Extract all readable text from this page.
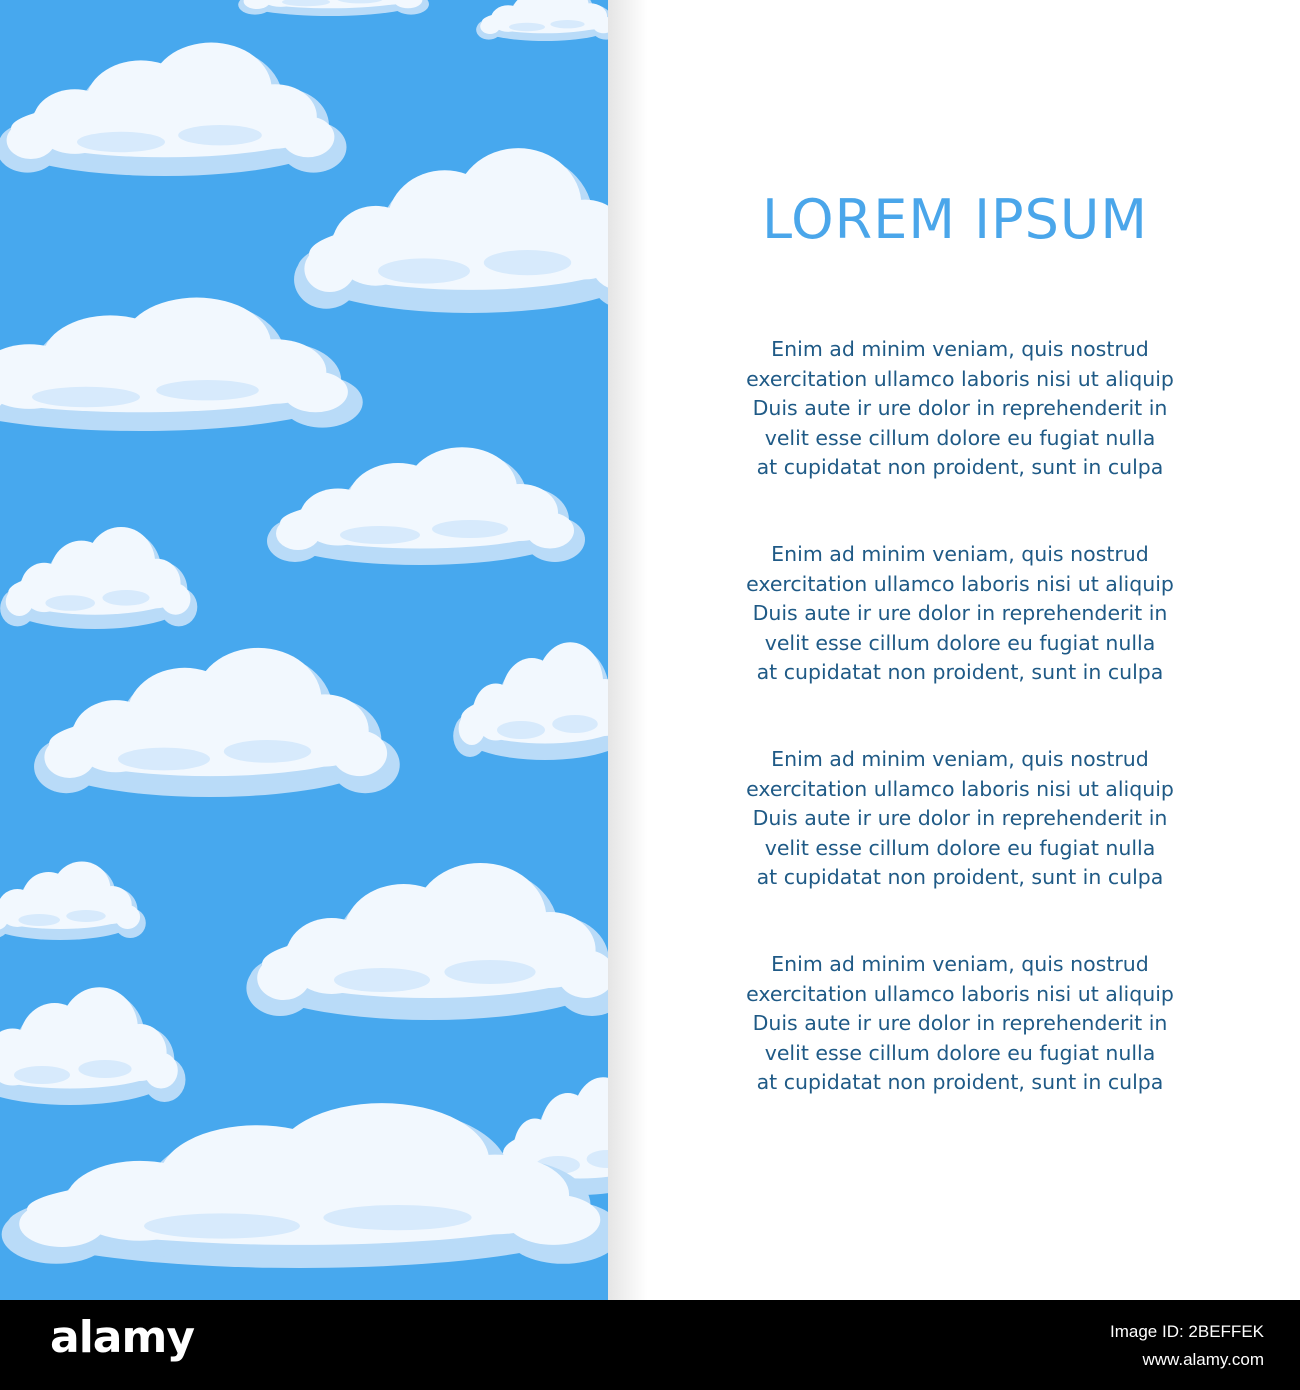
LOREM IPSUM

Enim ad minim veniam, quis nostrud
exercitation ullamco laboris nisi ut aliquip
Duis aute ir ure dolor in reprehenderit in
velit esse cillum dolore eu fugiat nulla
at cupidatat non proident, sunt in culpa

Enim ad minim veniam, quis nostrud
exercitation ullamco laboris nisi ut aliquip
Duis aute ir ure dolor in reprehenderit in
velit esse cillum dolore eu fugiat nulla
at cupidatat non proident, sunt in culpa

Enim ad minim veniam, quis nostrud
exercitation ullamco laboris nisi ut aliquip
Duis aute ir ure dolor in reprehenderit in
velit esse cillum dolore eu fugiat nulla
at cupidatat non proident, sunt in culpa

Enim ad minim veniam, quis nostrud
exercitation ullamco laboris nisi ut aliquip
Duis aute ir ure dolor in reprehenderit in
velit esse cillum dolore eu fugiat nulla
at cupidatat non proident, sunt in culpa

alamy	Image ID: 2BEFFEK
www.alamy.com
